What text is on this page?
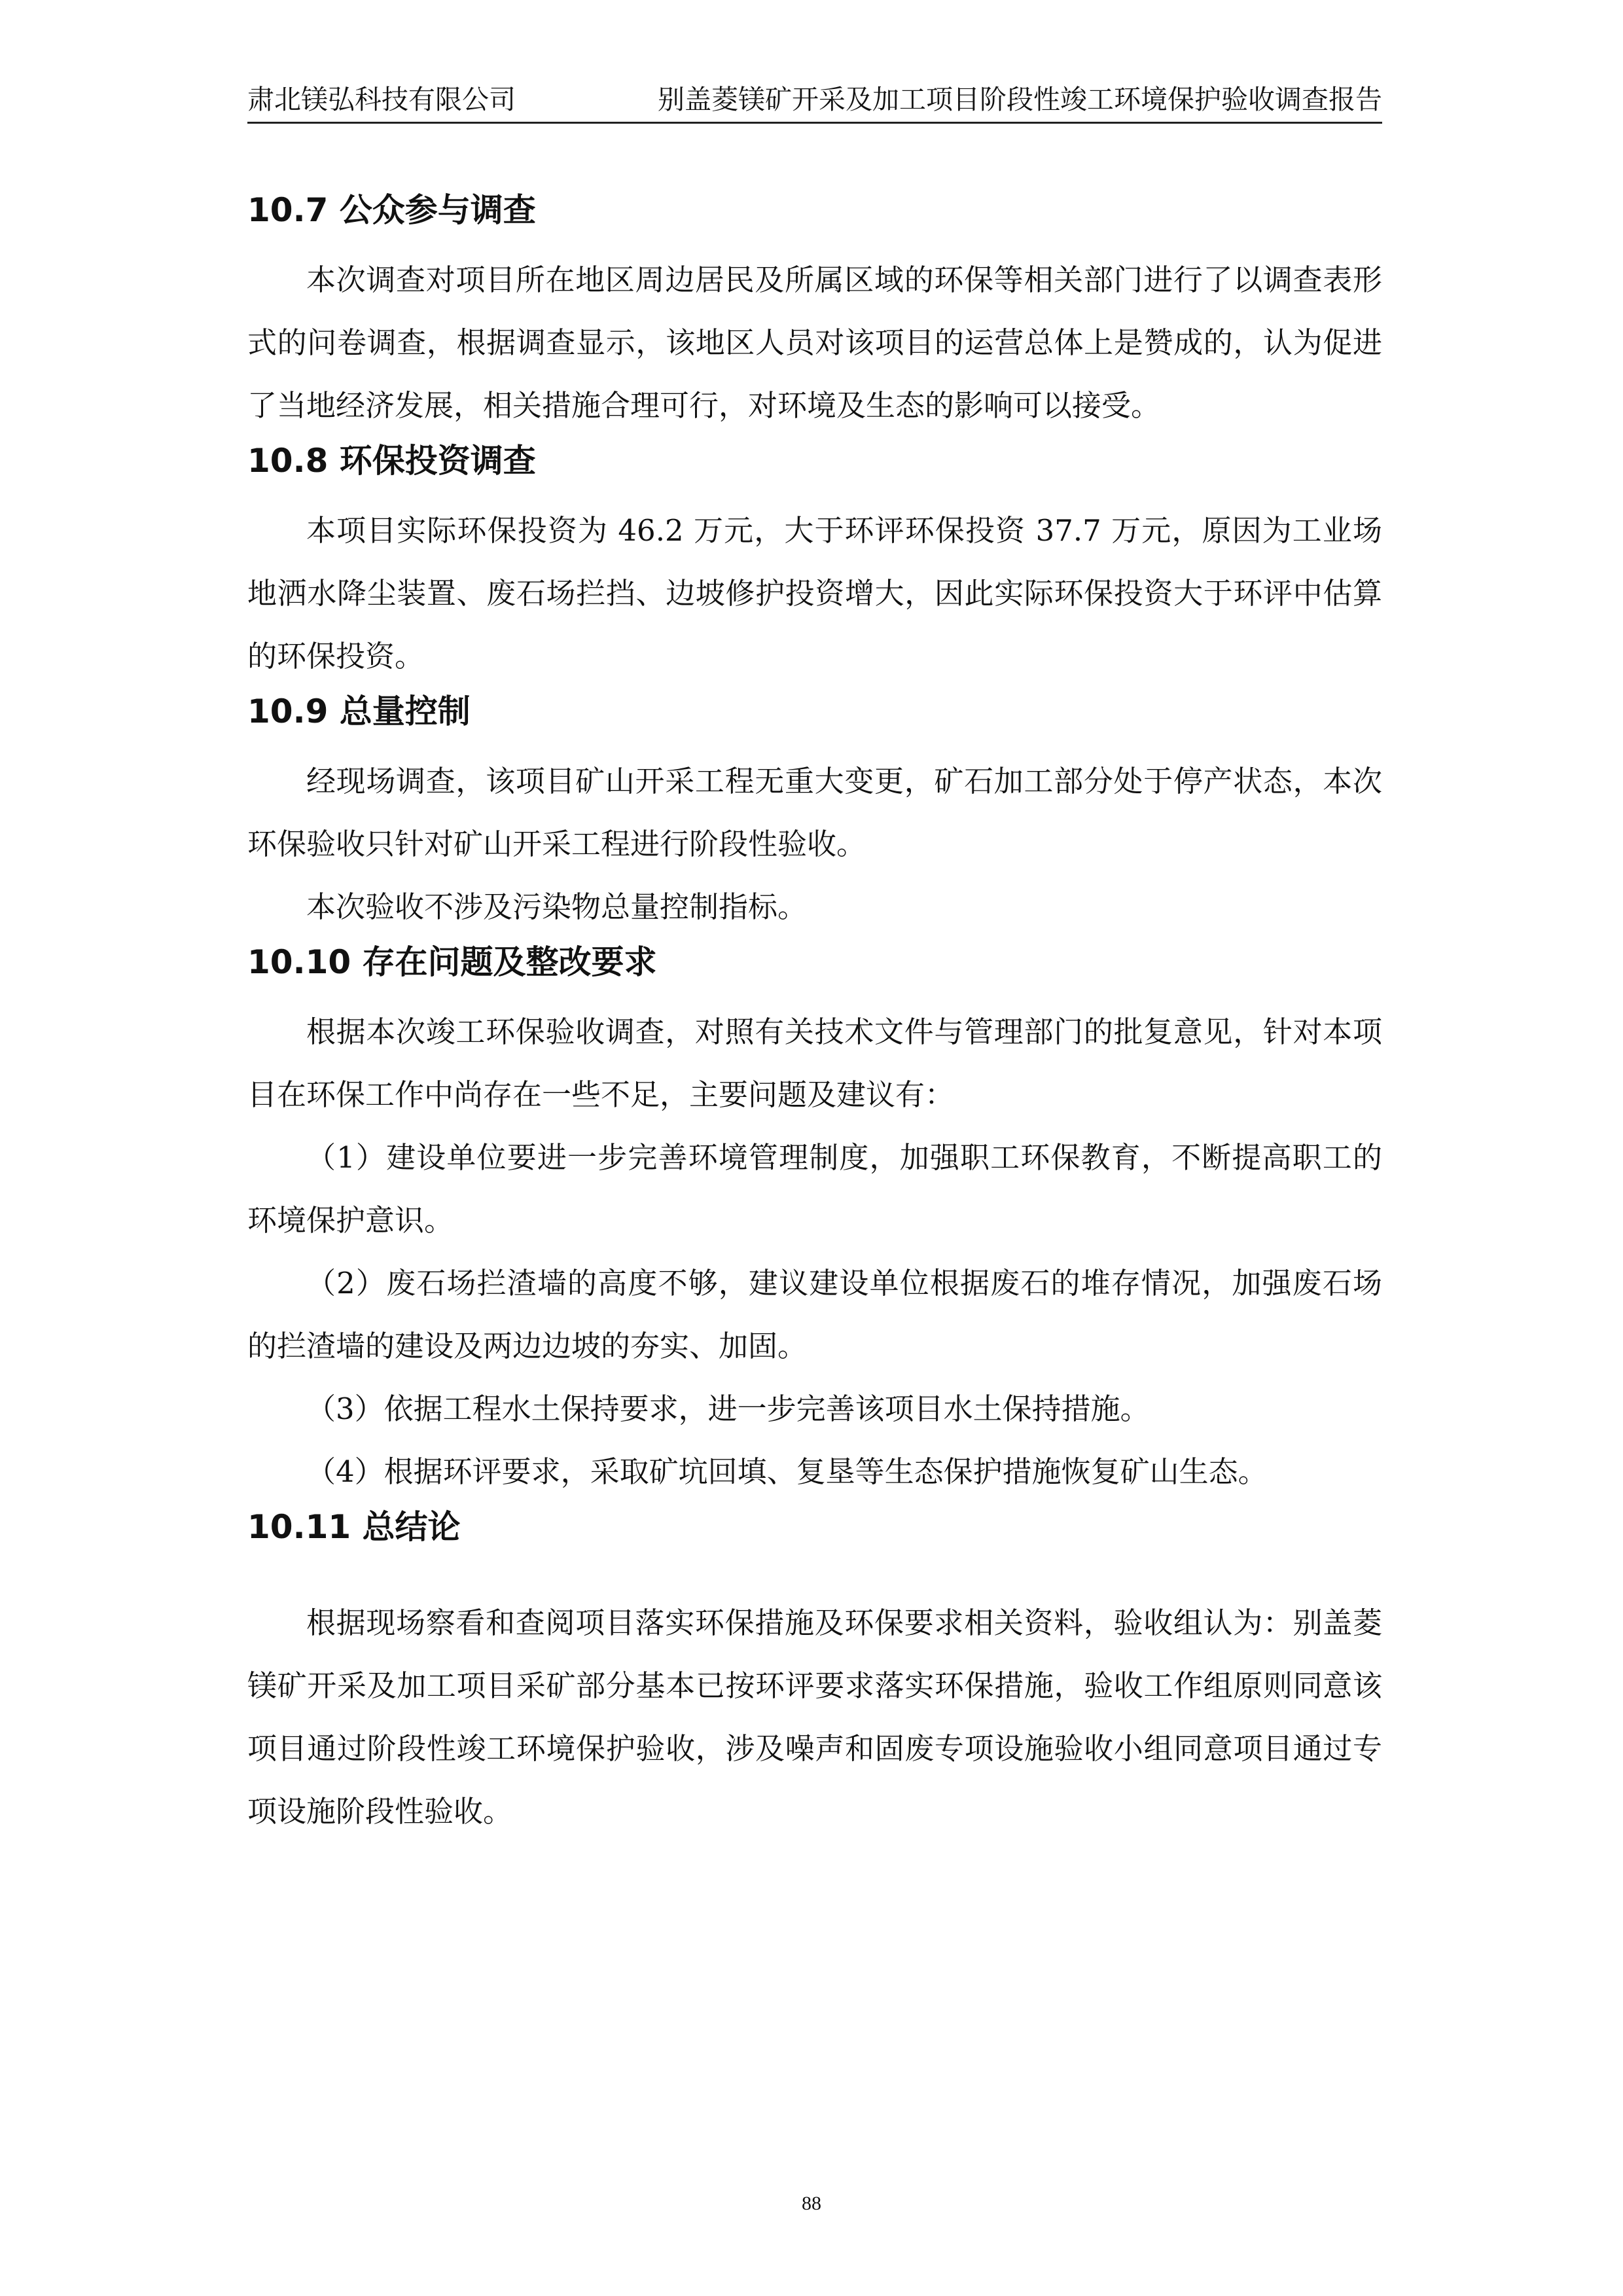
肃北镁弘科技有限公司	别盖菱镁矿开采及加工项目阶段性竣工环境保护验收调查报告
10.7 公众参与调查

本次调查对项目所在地区周边居民及所属区域的环保等相关部门进行了以调查表形式的问卷调查，根据调查显示，该地区人员对该项目的运营总体上是赞成的，认为促进了当地经济发展，相关措施合理可行，对环境及生态的影响可以接受。

10.8 环保投资调查

本项目实际环保投资为 46.2 万元，大于环评环保投资 37.7 万元，原因为工业场地洒水降尘装置、废石场拦挡、边坡修护投资增大，因此实际环保投资大于环评中估算的环保投资。

10.9 总量控制

经现场调查，该项目矿山开采工程无重大变更，矿石加工部分处于停产状态，本次环保验收只针对矿山开采工程进行阶段性验收。

本次验收不涉及污染物总量控制指标。

10.10 存在问题及整改要求

根据本次竣工环保验收调查，对照有关技术文件与管理部门的批复意见，针对本项目在环保工作中尚存在一些不足，主要问题及建议有：

（1）建设单位要进一步完善环境管理制度，加强职工环保教育，不断提高职工的环境保护意识。

（2）废石场拦渣墙的高度不够，建议建设单位根据废石的堆存情况，加强废石场的拦渣墙的建设及两边边坡的夯实、加固。

（3）依据工程水土保持要求，进一步完善该项目水土保持措施。

（4）根据环评要求，采取矿坑回填、复垦等生态保护措施恢复矿山生态。

10.11 总结论

根据现场察看和查阅项目落实环保措施及环保要求相关资料，验收组认为：别盖菱镁矿开采及加工项目采矿部分基本已按环评要求落实环保措施，验收工作组原则同意该项目通过阶段性竣工环境保护验收，涉及噪声和固废专项设施验收小组同意项目通过专项设施阶段性验收。

88
